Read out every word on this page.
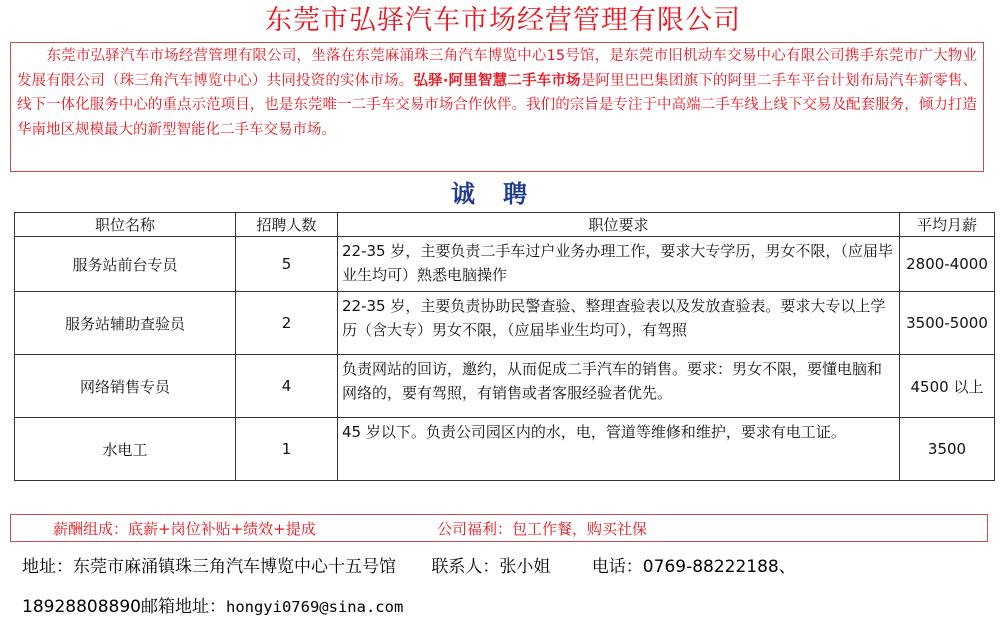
东莞市弘驿汽车市场经营管理有限公司
　　东莞市弘驿汽车市场经营管理有限公司，坐落在东莞麻涌珠三角汽车博览中心15号馆，是东莞市旧机动车交易中心有限公司携手东莞市广大物业发展有限公司（珠三角汽车博览中心）共同投资的实体市场。弘驿·阿里智慧二手车市场是阿里巴巴集团旗下的阿里二手车平台计划布局汽车新零售、线下一体化服务中心的重点示范项目，也是东莞唯一二手车交易市场合作伙伴。我们的宗旨是专注于中高端二手车线上线下交易及配套服务，倾力打造华南地区规模最大的新型智能化二手车交易市场。
诚聘
职位名称	招聘人数	职位要求	平均月薪
服务站前台专员	5	22-35 岁，主要负责二手车过户业务办理工作，要求大专学历，男女不限，（应届毕业生均可）熟悉电脑操作	2800-4000
服务站辅助查验员	2	22-35 岁，主要负责协助民警查验、整理查验表以及发放查验表。要求大专以上学历（含大专）男女不限，（应届毕业生均可），有驾照	3500-5000
网络销售专员	4	负责网站的回访，邀约，从而促成二手汽车的销售。要求：男女不限，要懂电脑和网络的，要有驾照，有销售或者客服经验者优先。	4500 以上
水电工	1	45 岁以下。负责公司园区内的水，电，管道等维修和维护，要求有电工证。	3500
薪酬组成：底薪+岗位补贴+绩效+提成	公司福利：包工作餐，购买社保
地址：东莞市麻涌镇珠三角汽车博览中心十五号馆 联系人：张小姐 电话：0769-88222188、
18928808890邮箱地址：hongyi0769@sina.com
